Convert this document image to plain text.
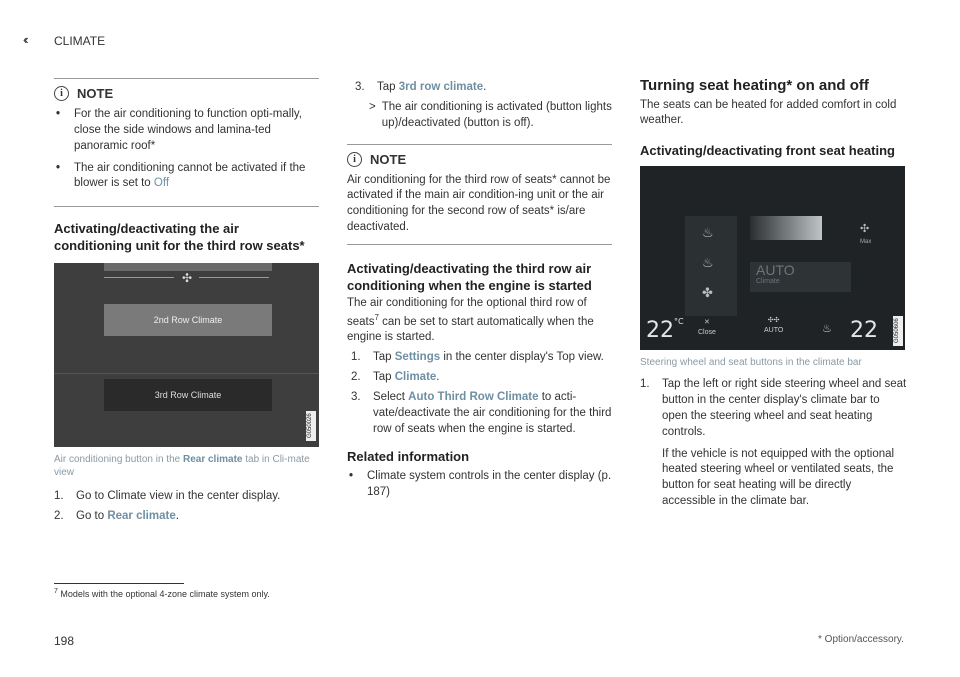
‹‹ CLIMATE
i	NOTE
•	For the air conditioning to function opti-mally, close the side windows and lamina-ted panoramic roof*
•	The air conditioning cannot be activated if the blower is set to Off
Activating/deactivating the air conditioning unit for the third row seats*
✣
2nd Row Climate
3rd Row Climate
G050026
Air conditioning button in the Rear climate tab in Cli-mate view
1.	Go to Climate view in the center display.
2.	Go to Rear climate.
3.	Tap 3rd row climate.
> The air conditioning is activated (button lights up)/deactivated (button is off).
i	NOTE
Air conditioning for the third row of seats* cannot be activated if the main air condition-ing unit or the air conditioning for the second row of seats* is/are deactivated.
Activating/deactivating the third row air conditioning when the engine is started
The air conditioning for the optional third row of seats$^7$ can be set to start automatically when the engine is started.
1.	Tap Settings in the center display's Top view.
2.	Tap Climate.
3.	Select Auto Third Row Climate to acti-vate/deactivate the air conditioning for the third row of seats when the engine is started.
Related information
•	Climate system controls in the center display (p. 187)
Turning seat heating* on and off
The seats can be heated for added comfort in cold weather.
Activating/deactivating front seat heating
♨
♨
✤
AUTO
Climate
✣
Max
$22^{^\circ C}$	✕
Close
✣✣
AUTO	♨ 22	G050606
Steering wheel and seat buttons in the climate bar
1.	Tap the left or right side steering wheel and seat button in the center display's climate bar to open the steering wheel and seat heating controls.
If the vehicle is not equipped with the optional heated steering wheel or ventilated seats, the button for seat heating will be directly accessible in the climate bar.
$^7$ Models with the optional 4-zone climate system only.
198	* Option/accessory.
